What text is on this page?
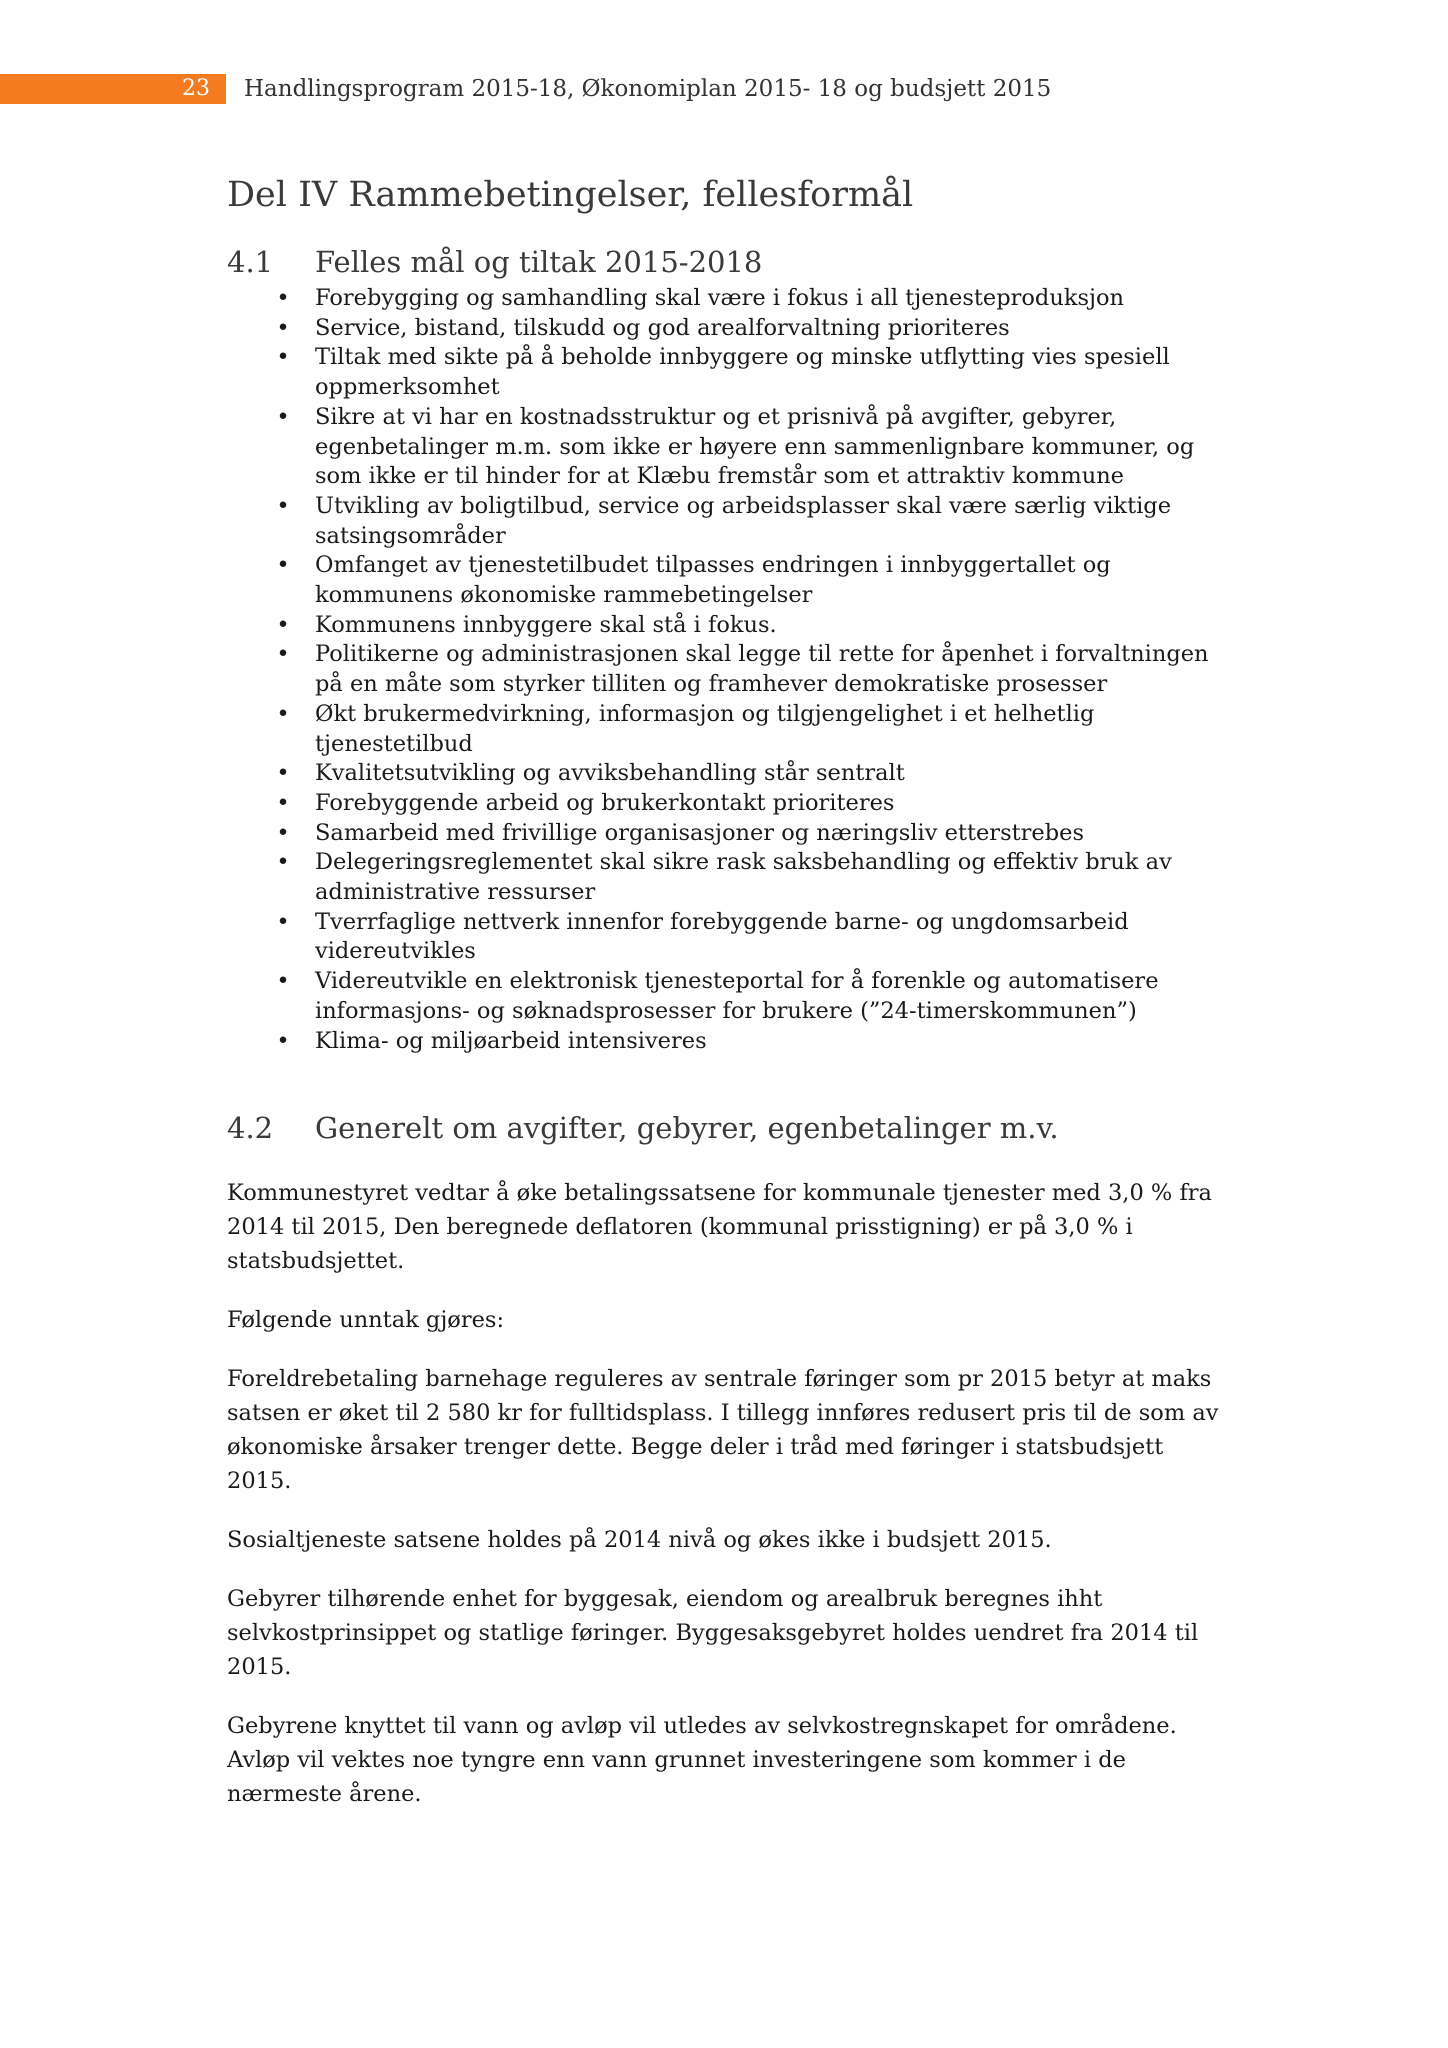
23	Handlingsprogram 2015-18, Økonomiplan 2015- 18 og budsjett 2015
Del IV Rammebetingelser, fellesformål
4.1 Felles mål og tiltak 2015-2018
• Forebygging og samhandling skal være i fokus i all tjenesteproduksjon
• Service, bistand, tilskudd og god arealforvaltning prioriteres
• Tiltak med sikte på å beholde innbyggere og minske utflytting vies spesiell
oppmerksomhet
• Sikre at vi har en kostnadsstruktur og et prisnivå på avgifter, gebyrer,
egenbetalinger m.m. som ikke er høyere enn sammenlignbare kommuner, og
som ikke er til hinder for at Klæbu fremstår som et attraktiv kommune
• Utvikling av boligtilbud, service og arbeidsplasser skal være særlig viktige
satsingsområder
• Omfanget av tjenestetilbudet tilpasses endringen i innbyggertallet og
kommunens økonomiske rammebetingelser
• Kommunens innbyggere skal stå i fokus.
• Politikerne og administrasjonen skal legge til rette for åpenhet i forvaltningen
på en måte som styrker tilliten og framhever demokratiske prosesser
• Økt brukermedvirkning, informasjon og tilgjengelighet i et helhetlig
tjenestetilbud
• Kvalitetsutvikling og avviksbehandling står sentralt
• Forebyggende arbeid og brukerkontakt prioriteres
• Samarbeid med frivillige organisasjoner og næringsliv etterstrebes
• Delegeringsreglementet skal sikre rask saksbehandling og effektiv bruk av
administrative ressurser
• Tverrfaglige nettverk innenfor forebyggende barne- og ungdomsarbeid
videreutvikles
• Videreutvikle en elektronisk tjenesteportal for å forenkle og automatisere
informasjons- og søknadsprosesser for brukere (”24-timerskommunen”)
• Klima- og miljøarbeid intensiveres
4.2 Generelt om avgifter, gebyrer, egenbetalinger m.v.

Kommunestyret vedtar å øke betalingssatsene for kommunale tjenester med 3,0 % fra
2014 til 2015, Den beregnede deflatoren (kommunal prisstigning) er på 3,0 % i
statsbudsjettet.

Følgende unntak gjøres:

Foreldrebetaling barnehage reguleres av sentrale føringer som pr 2015 betyr at maks
satsen er øket til 2 580 kr for fulltidsplass. I tillegg innføres redusert pris til de som av
økonomiske årsaker trenger dette. Begge deler i tråd med føringer i statsbudsjett 2015.

Sosialtjeneste satsene holdes på 2014 nivå og økes ikke i budsjett 2015.

Gebyrer tilhørende enhet for byggesak, eiendom og arealbruk beregnes ihht
selvkostprinsippet og statlige føringer. Byggesaksgebyret holdes uendret fra 2014 til
2015.

Gebyrene knyttet til vann og avløp vil utledes av selvkostregnskapet for områdene.
Avløp vil vektes noe tyngre enn vann grunnet investeringene som kommer i de
nærmeste årene.
